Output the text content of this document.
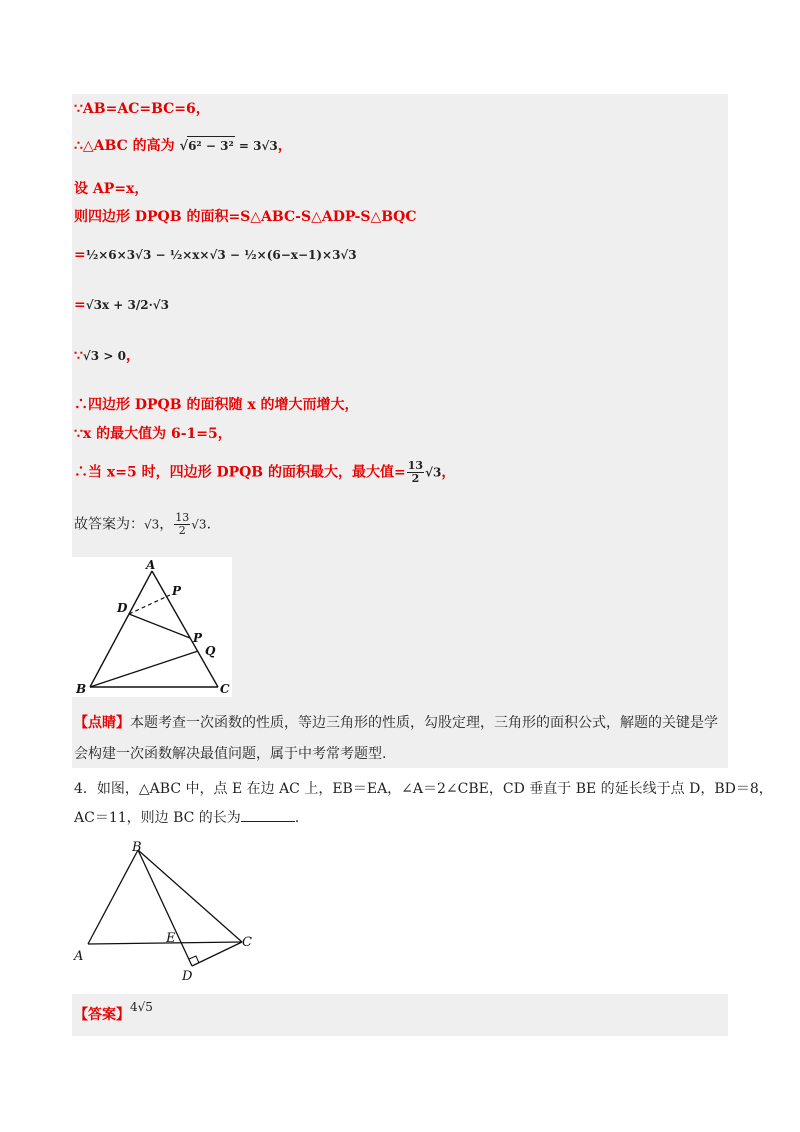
∵AB=AC=BC=6，
∴△ABC 的高为 √6² − 3² = 3√3，
设 AP=x，
则四边形 DPQB 的面积=S△ABC-S△ADP-S△BQC
=½×6×3√3 − ½×x×√3 − ½×(6−x−1)×3√3
=√3x + 3/2·√3
∵√3 > 0，
∴四边形 DPQB 的面积随 x 的增大而增大，
∵x 的最大值为 6-1=5，
∴当 x=5 时，四边形 DPQB 的面积最大，最大值= $\frac{13}{2} √3$，
故答案为：√3， $\frac{13}{2} √3$.
A
P
D
P
Q
B	C
【点睛】本题考查一次函数的性质，等边三角形的性质，勾股定理，三角形的面积公式，解题的关键是学
会构建一次函数解决最值问题，属于中考常考题型.
4．如图，△ABC 中，点 E 在边 AC 上，EB＝EA，∠A＝2∠CBE，CD 垂直于 BE 的延长线于点 D，BD＝8，
AC＝11，则边 BC 的长为	.
B
A
E	C
D
【答案】4√5
